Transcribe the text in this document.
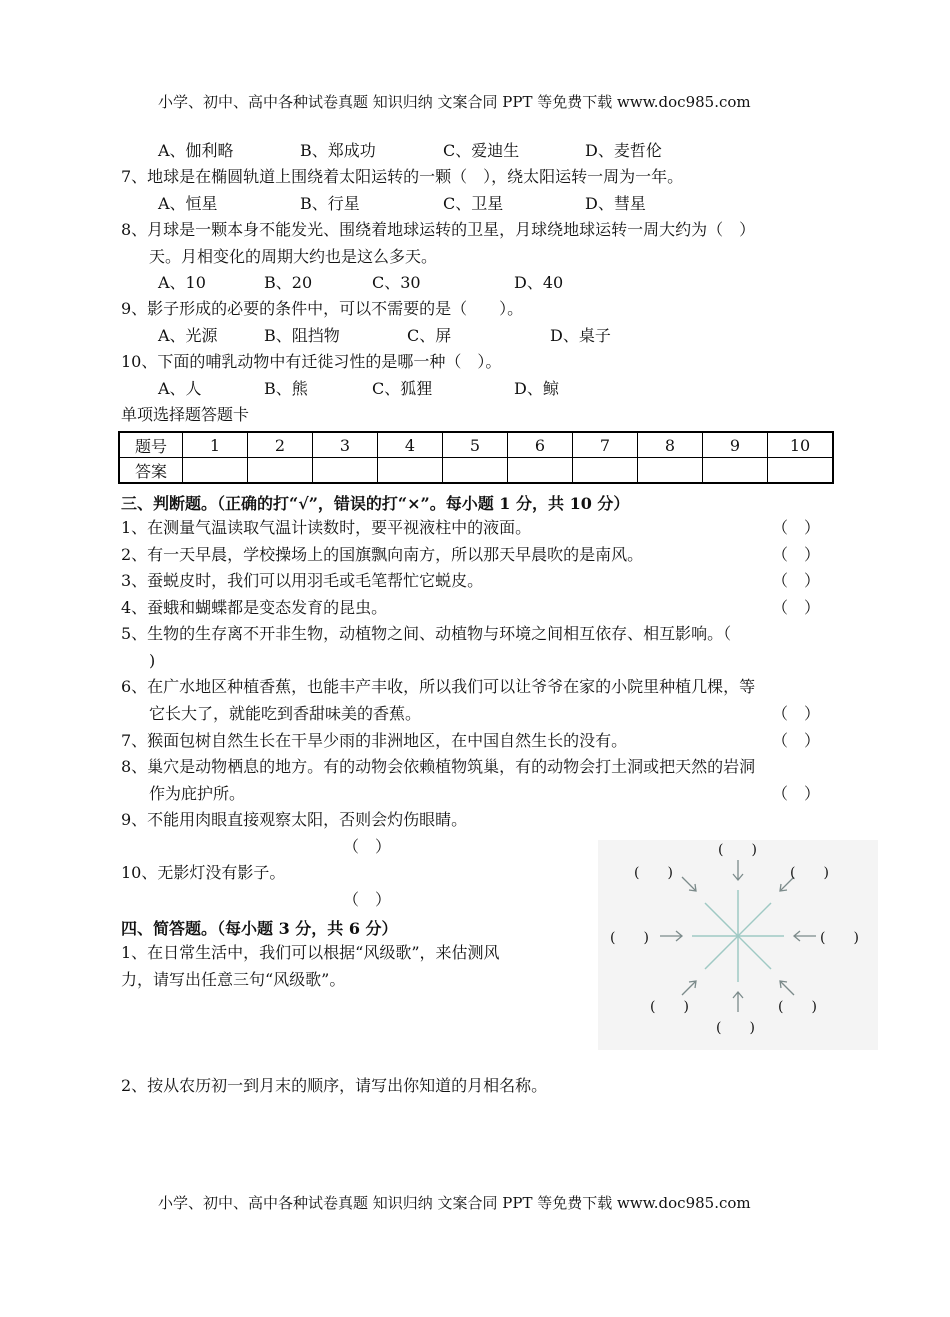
小学、初中、高中各种试卷真题 知识归纳 文案合同 PPT 等免费下载 www.doc985.com
A、伽利略	B、郑成功	C、爱迪生	D、麦哲伦
7、地球是在椭圆轨道上围绕着太阳运转的一颗（　），绕太阳运转一周为一年。
A、恒星	B、行星	C、卫星	D、彗星
8、月球是一颗本身不能发光、围绕着地球运转的卫星，月球绕地球运转一周大约为（　）
天。月相变化的周期大约也是这么多天。
A、10	B、20	C、30	D、40
9、影子形成的必要的条件中，可以不需要的是（　　）。
A、光源	B、阻挡物	C、屏	D、桌子
10、下面的哺乳动物中有迁徙习性的是哪一种（　）。
A、人	B、熊	C、狐狸	D、鲸
单项选择题答题卡
题号	1	2	3	4	5	6	7	8	9	10
答案										
三、判断题。（正确的打“√”，错误的打“×”。每小题 1 分，共 10 分）
1、在测量气温读取气温计读数时，要平视液柱中的液面。	（　）
2、有一天早晨，学校操场上的国旗飘向南方，所以那天早晨吹的是南风。	（　）
3、蚕蜕皮时，我们可以用羽毛或毛笔帮忙它蜕皮。	（　）
4、蚕蛾和蝴蝶都是变态发育的昆虫。	（　）
5、生物的生存离不开非生物，动植物之间、动植物与环境之间相互依存、相互影响。（
)
6、在广水地区种植香蕉，也能丰产丰收，所以我们可以让爷爷在家的小院里种植几棵，等
它长大了，就能吃到香甜味美的香蕉。	（　）
7、猴面包树自然生长在干旱少雨的非洲地区，在中国自然生长的没有。	（　）
8、巢穴是动物栖息的地方。有的动物会依赖植物筑巢，有的动物会打土洞或把天然的岩洞
作为庇护所。	（　）
9、不能用肉眼直接观察太阳，否则会灼伤眼睛。
（　）
10、无影灯没有影子。
（　）
四、简答题。（每小题 3 分，共 6 分）
1、在日常生活中，我们可以根据“风级歌”，来估测风
力，请写出任意三句“风级歌”。
2、按从农历初一到月末的顺序，请写出你知道的月相名称。
(　　)
(　　)	(　　)
(　　)	(　　)
(　　)	(　　)
(　　)
小学、初中、高中各种试卷真题 知识归纳 文案合同 PPT 等免费下载 www.doc985.com
